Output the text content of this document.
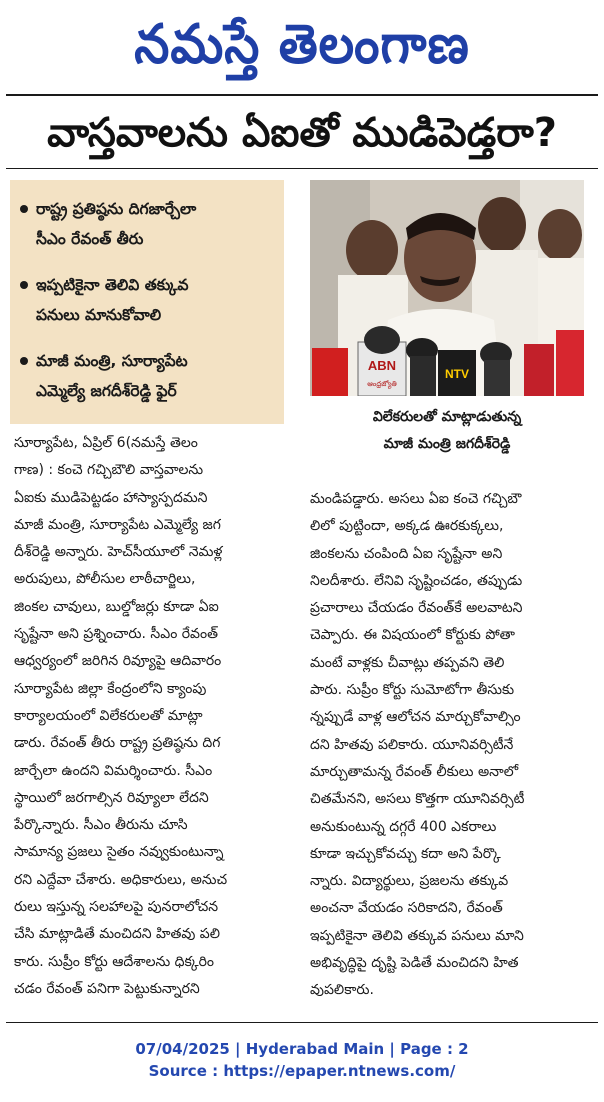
నమస్తే తెలంగాణ
వాస్తవాలను ఏఐతో ముడిపెడ్తరా?
రాష్ట్ర ప్రతిష్ఠను దిగజార్చేలా
సీఎం రేవంత్ తీరు
ఇప్పటికైనా తెలివి తక్కువ
పనులు మానుకోవాలి
మాజీ మంత్రి, సూర్యాపేట
ఎమ్మెల్యే జగదీశ్‌రెడ్డి ఫైర్
ABN
ఆంధ్రజ్యోతి
NTV
విలేకరులతో మాట్లాడుతున్న
మాజీ మంత్రి జగదీశ్‌రెడ్డి
సూర్యాపేట, ఏప్రిల్ 6(నమస్తే తెలం
గాణ) : కంచె గచ్చిబౌలి వాస్తవాలను
ఏఐకు ముడిపెట్టడం హాస్యాస్పదమని
మాజీ మంత్రి, సూర్యాపేట ఎమ్మెల్యే జగ
దీశ్‌రెడ్డి అన్నారు. హెచ్‌సీయూలో నెమళ్ల
అరుపులు, పోలీసుల లాఠీచార్జిలు,
జింకల చావులు, బుల్డోజర్లు కూడా ఏఐ
సృష్టేనా అని ప్రశ్నించారు. సీఎం రేవంత్
ఆధ్వర్యంలో జరిగిన రివ్యూపై ఆదివారం
సూర్యాపేట జిల్లా కేంద్రంలోని క్యాంపు
కార్యాలయంలో విలేకరులతో మాట్లా
డారు. రేవంత్ తీరు రాష్ట్ర ప్రతిష్ఠను దిగ
జార్చేలా ఉందని విమర్శించారు. సీఎం
స్థాయిలో జరగాల్సిన రివ్యూలా లేదని
పేర్కొన్నారు. సీఎం తీరును చూసి
సామాన్య ప్రజలు సైతం నవ్వుకుంటున్నా
రని ఎద్దేవా చేశారు. అధికారులు, అనుచ
రులు ఇస్తున్న సలహాలపై పునరాలోచన
చేసి మాట్లాడితే మంచిదని హితవు పలి
కారు. సుప్రీం కోర్టు ఆదేశాలను ధిక్కరిం
చడం రేవంత్ పనిగా పెట్టుకున్నారని
మండిపడ్డారు. అసలు ఏఐ కంచె గచ్చిబౌ
లిలో పుట్టిందా, అక్కడ ఊరకుక్కలు,
జింకలను చంపింది ఏఐ సృష్టేనా అని
నిలదీశారు. లేనివి సృష్టించడం, తప్పుడు
ప్రచారాలు చేయడం రేవంత్‌కే అలవాటని
చెప్పారు. ఈ విషయంలో కోర్టుకు పోతా
మంటే వాళ్లకు చీవాట్లు తప్పవని తెలి
పారు. సుప్రీం కోర్టు సుమోటోగా తీసుకు
న్నప్పుడే వాళ్ల ఆలోచన మార్చుకోవాల్సిం
దని హితవు పలికారు. యూనివర్సిటీనే
మార్చుతామన్న రేవంత్ లీకులు అనాలో
చితమేనని, అసలు కొత్తగా యూనివర్సిటీ
అనుకుంటున్న దగ్గరే 400 ఎకరాలు
కూడా ఇచ్చుకోవచ్చు కదా అని పేర్కొ
న్నారు. విద్యార్థులు, ప్రజలను తక్కువ
అంచనా వేయడం సరికాదని, రేవంత్
ఇప్పటికైనా తెలివి తక్కువ పనులు మాని
అభివృద్ధిపై దృష్టి పెడితే మంచిదని హిత
వుపలికారు.
07/04/2025 | Hyderabad Main | Page : 2
Source : https://epaper.ntnews.com/
